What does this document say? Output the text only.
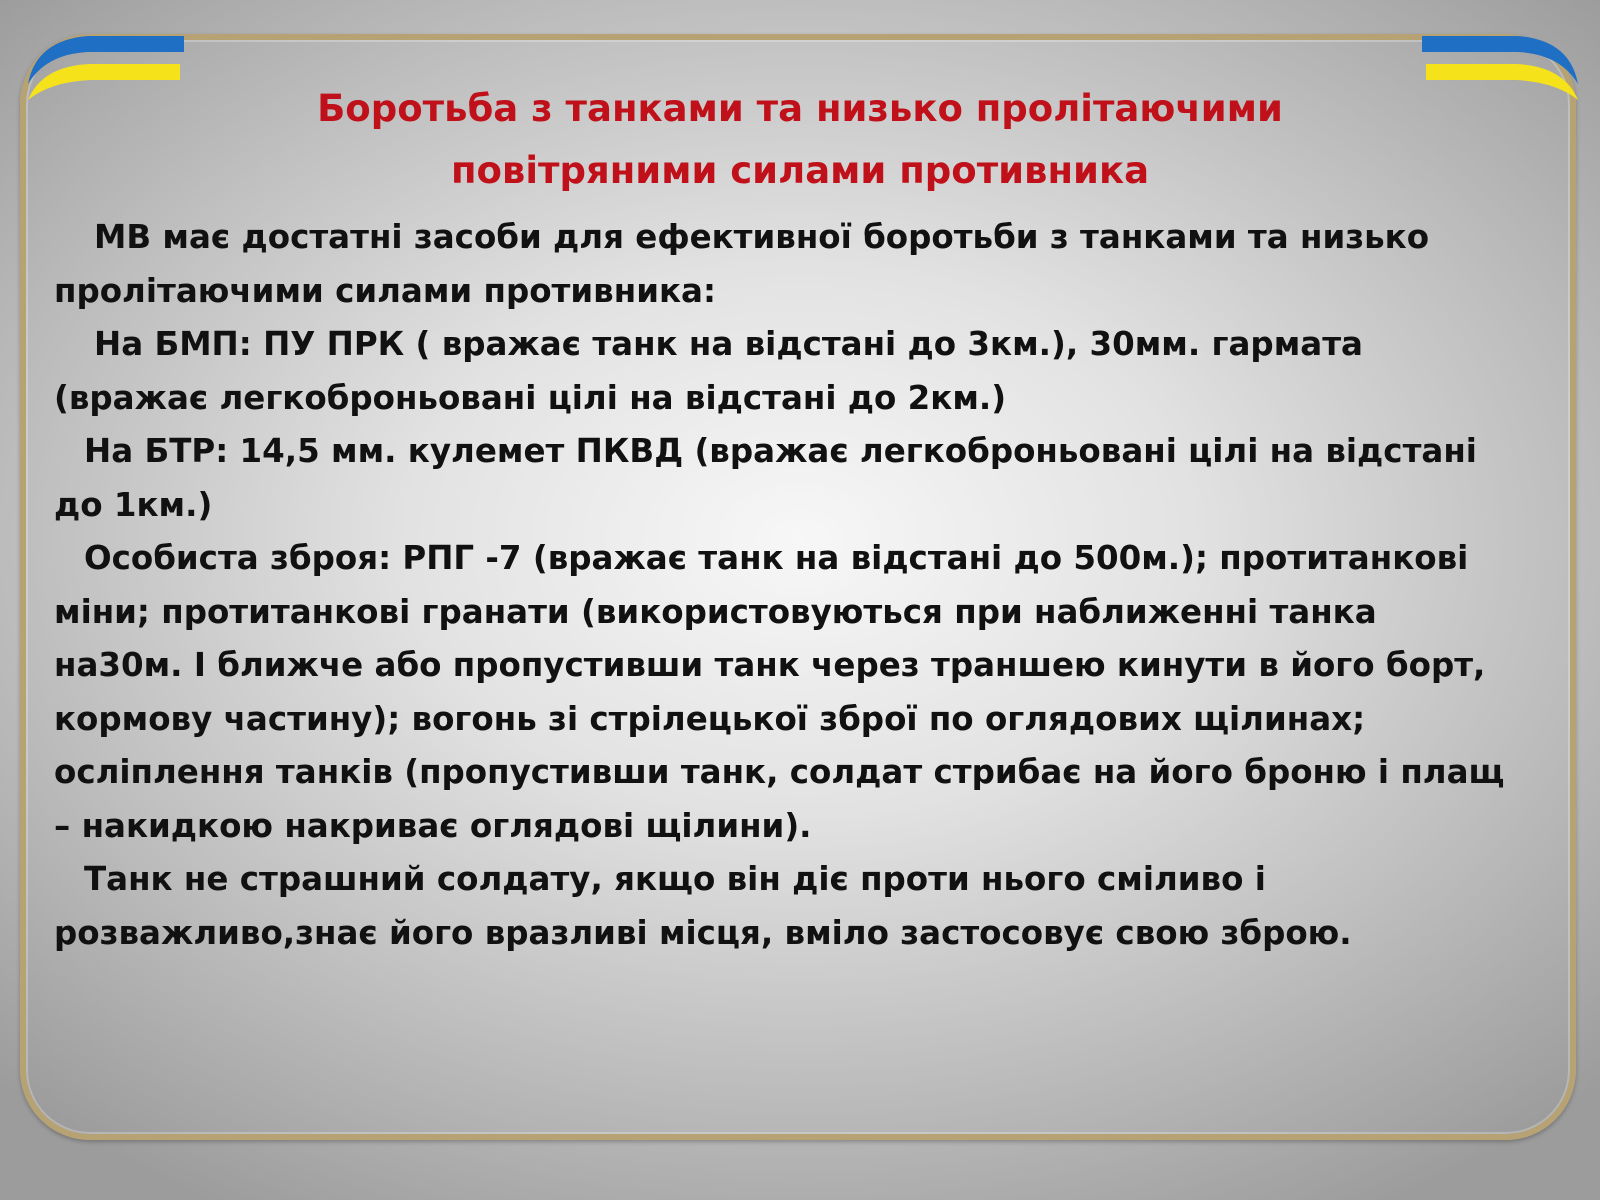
Боротьба з танками та низько пролітаючими
повітряними силами противника
МВ має достатні засоби для ефективної боротьби з танками та низько
пролітаючими силами противника:
На БМП: ПУ ПРК ( вражає танк на відстані до 3км.), 30мм. гармата
(вражає легкоброньовані цілі на відстані до 2км.)
На БТР: 14,5 мм. кулемет ПКВД (вражає легкоброньовані цілі на відстані
до 1км.)
Особиста зброя: РПГ -7 (вражає танк на відстані до 500м.); протитанкові
міни; протитанкові гранати (використовуються при наближенні танка
на30м. І ближче або пропустивши танк через траншею кинути в його борт,
кормову частину); вогонь зі стрілецької зброї по оглядових щілинах;
осліплення танків (пропустивши танк, солдат стрибає на його броню і плащ
– накидкою накриває оглядові щілини).
Танк не страшний солдату, якщо він діє проти нього сміливо і
розважливо,знає його вразливі місця, вміло застосовує свою зброю.
